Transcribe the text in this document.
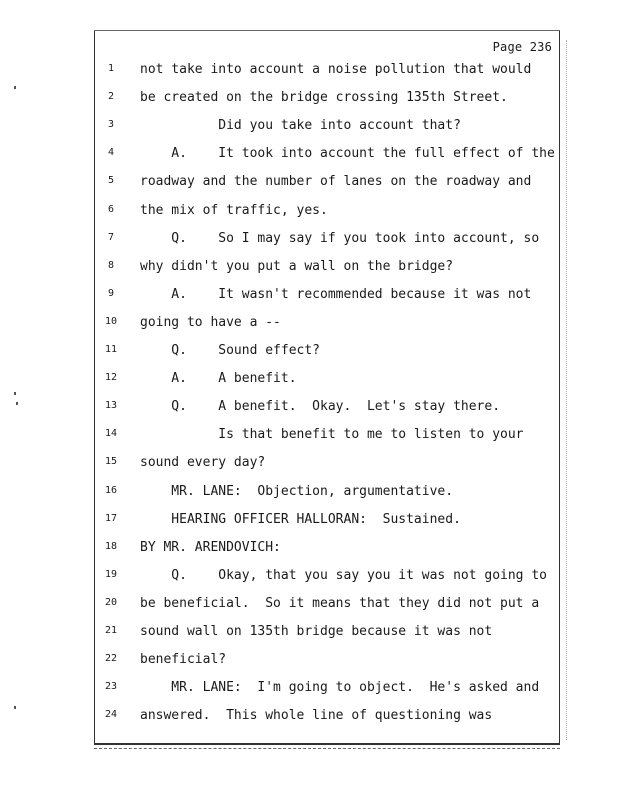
Page 236
1	not take into account a noise pollution that would
2	be created on the bridge crossing 135th Street.
3	Did you take into account that?
4	A.    It took into account the full effect of the
5	roadway and the number of lanes on the roadway and
6	the mix of traffic, yes.
7	Q.    So I may say if you took into account, so
8	why didn't you put a wall on the bridge?
9	A.    It wasn't recommended because it was not
10	going to have a --
11	Q.    Sound effect?
12	A.    A benefit.
13	Q.    A benefit.  Okay.  Let's stay there.
14	Is that benefit to me to listen to your
15	sound every day?
16	MR. LANE:  Objection, argumentative.
17	HEARING OFFICER HALLORAN:  Sustained.
18	BY MR. ARENDOVICH:
19	Q.    Okay, that you say you it was not going to
20	be beneficial.  So it means that they did not put a
21	sound wall on 135th bridge because it was not
22	beneficial?
23	MR. LANE:  I'm going to object.  He's asked and
24	answered.  This whole line of questioning was
